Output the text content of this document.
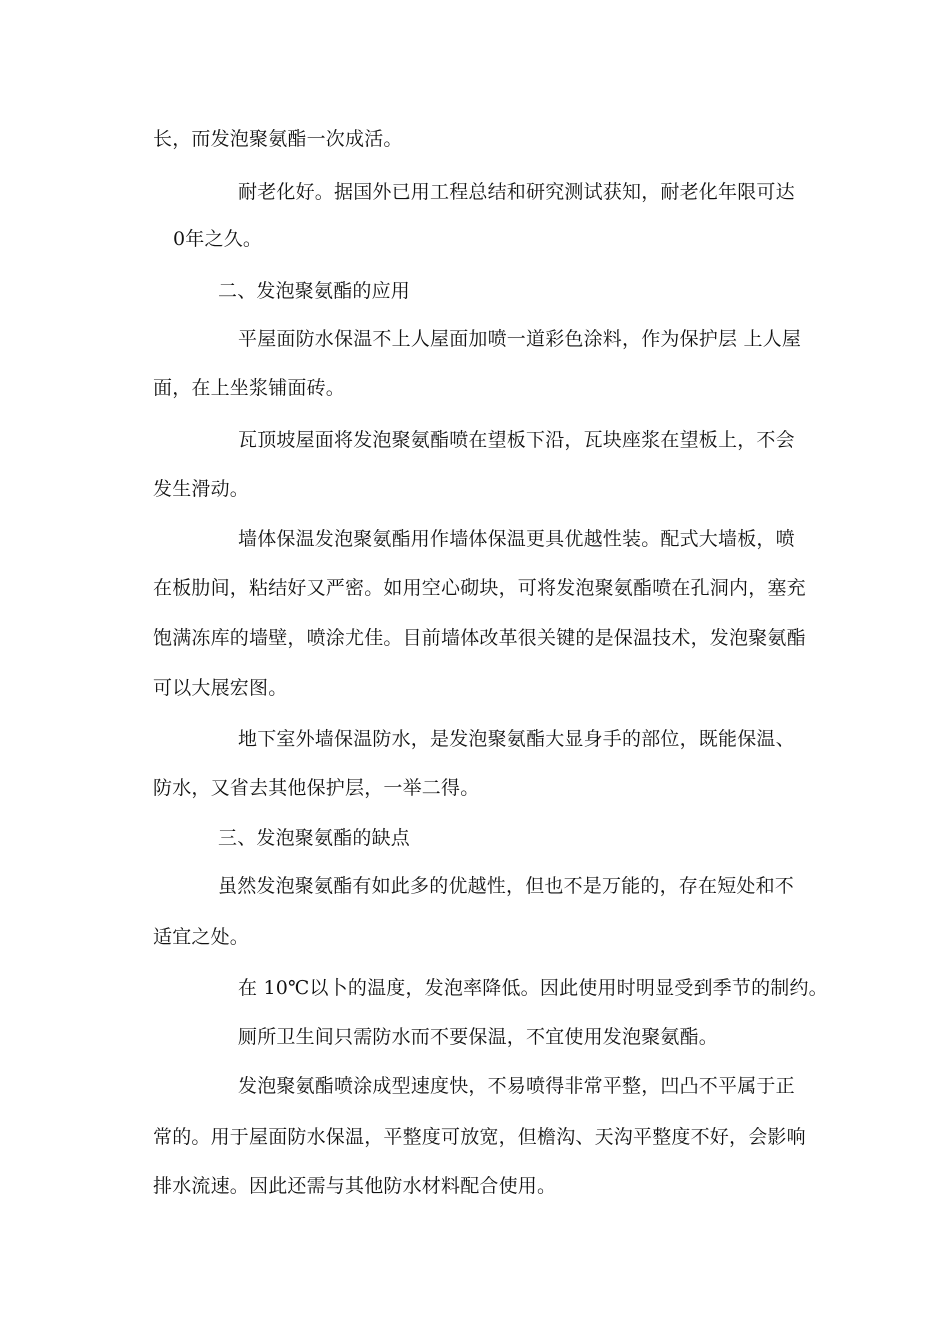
长，而发泡聚氨酯一次成活。
耐老化好。据国外已用工程总结和研究测试获知，耐老化年限可达
0年之久。
二、发泡聚氨酯的应用
平屋面防水保温不上人屋面加喷一道彩色涂料，作为保护层 上人屋
面，在上坐浆铺面砖。
瓦顶坡屋面将发泡聚氨酯喷在望板下沿，瓦块座浆在望板上，不会
发生滑动。
墙体保温发泡聚氨酯用作墙体保温更具优越性装。配式大墙板，喷
在板肋间，粘结好又严密。如用空心砌块，可将发泡聚氨酯喷在孔洞内，塞充
饱满冻库的墙壁，喷涂尤佳。目前墙体改革很关键的是保温技术，发泡聚氨酯
可以大展宏图。
地下室外墙保温防水，是发泡聚氨酯大显身手的部位，既能保温、
防水，又省去其他保护层，一举二得。
三、发泡聚氨酯的缺点
虽然发泡聚氨酯有如此多的优越性，但也不是万能的，存在短处和不
适宜之处。
在 10℃以卜的温度，发泡率降低。因此使用时明显受到季节的制约。
厕所卫生间只需防水而不要保温，不宜使用发泡聚氨酯。
发泡聚氨酯喷涂成型速度快，不易喷得非常平整，凹凸不平属于正
常的。用于屋面防水保温，平整度可放宽，但檐沟、天沟平整度不好，会影响
排水流速。因此还需与其他防水材料配合使用。
